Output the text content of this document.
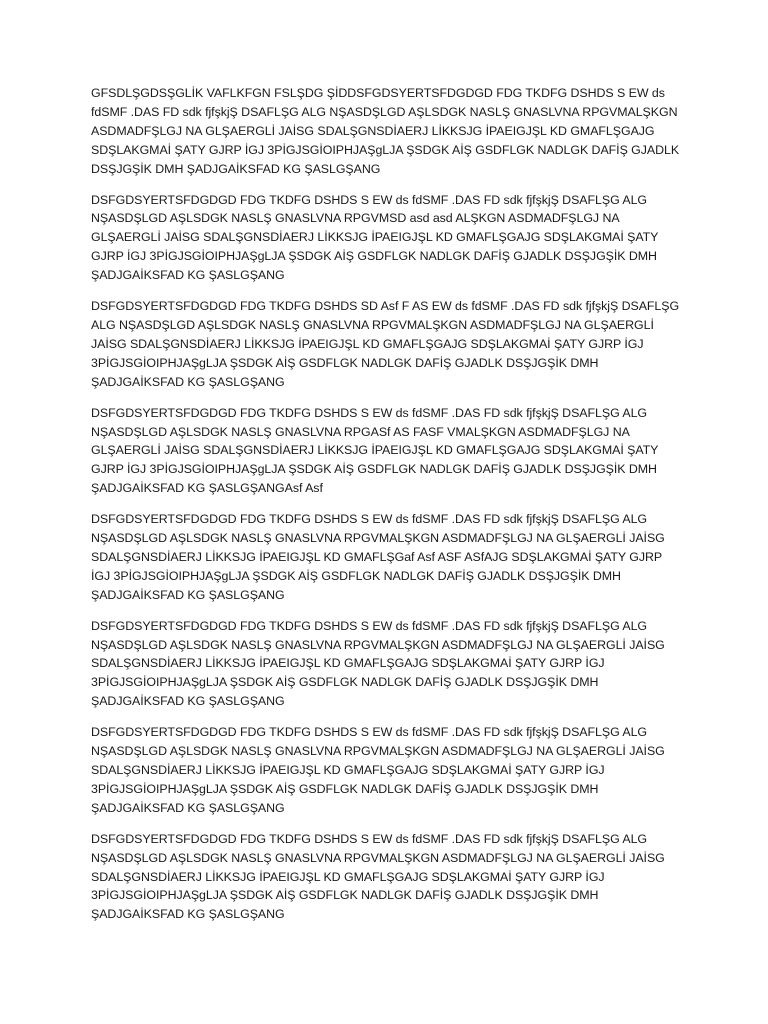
GFSDLŞGDSŞGLİK VAFLKFGN FSLŞDG ŞİDDSFGDSYERTSFDGDGD FDG TKDFG DSHDS S EW ds fdSMF .DAS FD sdk fjfşkjŞ DSAFLŞG ALG NŞASDŞLGD AŞLSDGK NASLŞ GNASLVNA RPGVMALŞKGN ASDMADFŞLGJ NA GLŞAERGLİ JAİSG SDALŞGNSDİAERJ LİKKSJG İPAEIGJŞL KD GMAFLŞGAJG SDŞLAKGMAİ ŞATY GJRP İGJ 3PİGJSGİOIPHJAŞgLJA ŞSDGK AİŞ GSDFLGK NADLGK DAFİŞ GJADLK DSŞJGŞİK DMH ŞADJGAİKSFAD KG ŞASLGŞANG

DSFGDSYERTSFDGDGD FDG TKDFG DSHDS S EW ds fdSMF .DAS FD sdk fjfşkjŞ DSAFLŞG ALG NŞASDŞLGD AŞLSDGK NASLŞ GNASLVNA RPGVMSD asd asd ALŞKGN ASDMADFŞLGJ NA GLŞAERGLİ JAİSG SDALŞGNSDİAERJ LİKKSJG İPAEIGJŞL KD GMAFLŞGAJG SDŞLAKGMAİ ŞATY GJRP İGJ 3PİGJSGİOIPHJAŞgLJA ŞSDGK AİŞ GSDFLGK NADLGK DAFİŞ GJADLK DSŞJGŞİK DMH ŞADJGAİKSFAD KG ŞASLGŞANG

DSFGDSYERTSFDGDGD FDG TKDFG DSHDS SD Asf F AS EW ds fdSMF .DAS FD sdk fjfşkjŞ DSAFLŞG ALG NŞASDŞLGD AŞLSDGK NASLŞ GNASLVNA RPGVMALŞKGN ASDMADFŞLGJ NA GLŞAERGLİ JAİSG SDALŞGNSDİAERJ LİKKSJG İPAEIGJŞL KD GMAFLŞGAJG SDŞLAKGMAİ ŞATY GJRP İGJ 3PİGJSGİOIPHJAŞgLJA ŞSDGK AİŞ GSDFLGK NADLGK DAFİŞ GJADLK DSŞJGŞİK DMH ŞADJGAİKSFAD KG ŞASLGŞANG

DSFGDSYERTSFDGDGD FDG TKDFG DSHDS S EW ds fdSMF .DAS FD sdk fjfşkjŞ DSAFLŞG ALG NŞASDŞLGD AŞLSDGK NASLŞ GNASLVNA RPGASf AS FASF VMALŞKGN ASDMADFŞLGJ NA GLŞAERGLİ JAİSG SDALŞGNSDİAERJ LİKKSJG İPAEIGJŞL KD GMAFLŞGAJG SDŞLAKGMAİ ŞATY GJRP İGJ 3PİGJSGİOIPHJAŞgLJA ŞSDGK AİŞ GSDFLGK NADLGK DAFİŞ GJADLK DSŞJGŞİK DMH ŞADJGAİKSFAD KG ŞASLGŞANGAsf Asf

DSFGDSYERTSFDGDGD FDG TKDFG DSHDS S EW ds fdSMF .DAS FD sdk fjfşkjŞ DSAFLŞG ALG NŞASDŞLGD AŞLSDGK NASLŞ GNASLVNA RPGVMALŞKGN ASDMADFŞLGJ NA GLŞAERGLİ JAİSG SDALŞGNSDİAERJ LİKKSJG İPAEIGJŞL KD GMAFLŞGaf Asf ASF ASfAJG SDŞLAKGMAİ ŞATY GJRP İGJ 3PİGJSGİOIPHJAŞgLJA ŞSDGK AİŞ GSDFLGK NADLGK DAFİŞ GJADLK DSŞJGŞİK DMH ŞADJGAİKSFAD KG ŞASLGŞANG

DSFGDSYERTSFDGDGD FDG TKDFG DSHDS S EW ds fdSMF .DAS FD sdk fjfşkjŞ DSAFLŞG ALG NŞASDŞLGD AŞLSDGK NASLŞ GNASLVNA RPGVMALŞKGN ASDMADFŞLGJ NA GLŞAERGLİ JAİSG SDALŞGNSDİAERJ LİKKSJG İPAEIGJŞL KD GMAFLŞGAJG SDŞLAKGMAİ ŞATY GJRP İGJ 3PİGJSGİOIPHJAŞgLJA ŞSDGK AİŞ GSDFLGK NADLGK DAFİŞ GJADLK DSŞJGŞİK DMH ŞADJGAİKSFAD KG ŞASLGŞANG

DSFGDSYERTSFDGDGD FDG TKDFG DSHDS S EW ds fdSMF .DAS FD sdk fjfşkjŞ DSAFLŞG ALG NŞASDŞLGD AŞLSDGK NASLŞ GNASLVNA RPGVMALŞKGN ASDMADFŞLGJ NA GLŞAERGLİ JAİSG SDALŞGNSDİAERJ LİKKSJG İPAEIGJŞL KD GMAFLŞGAJG SDŞLAKGMAİ ŞATY GJRP İGJ 3PİGJSGİOIPHJAŞgLJA ŞSDGK AİŞ GSDFLGK NADLGK DAFİŞ GJADLK DSŞJGŞİK DMH ŞADJGAİKSFAD KG ŞASLGŞANG

DSFGDSYERTSFDGDGD FDG TKDFG DSHDS S EW ds fdSMF .DAS FD sdk fjfşkjŞ DSAFLŞG ALG NŞASDŞLGD AŞLSDGK NASLŞ GNASLVNA RPGVMALŞKGN ASDMADFŞLGJ NA GLŞAERGLİ JAİSG SDALŞGNSDİAERJ LİKKSJG İPAEIGJŞL KD GMAFLŞGAJG SDŞLAKGMAİ ŞATY GJRP İGJ 3PİGJSGİOIPHJAŞgLJA ŞSDGK AİŞ GSDFLGK NADLGK DAFİŞ GJADLK DSŞJGŞİK DMH ŞADJGAİKSFAD KG ŞASLGŞANG
